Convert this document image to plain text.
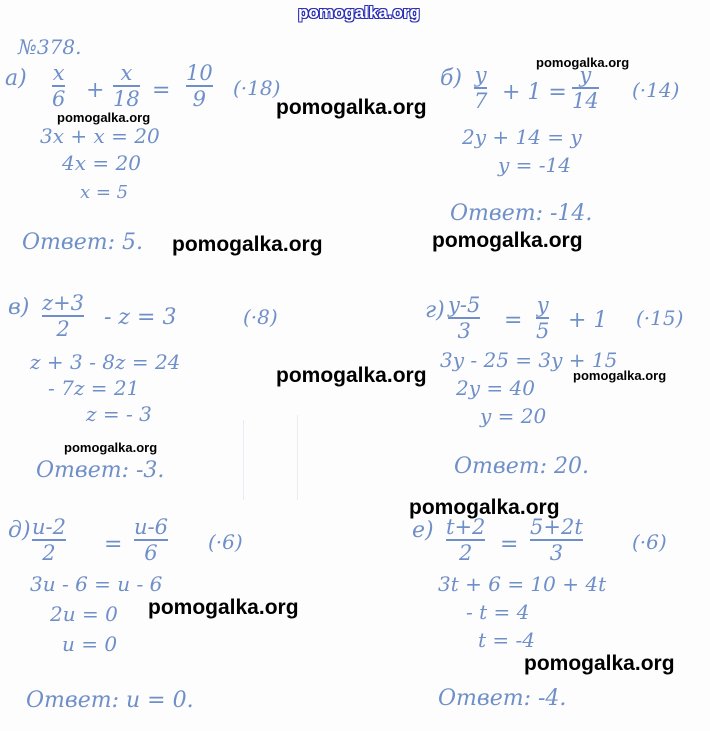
pomogalka.org
№378.
а) x
6 +
x
18 =
10
9 (·18)
3x + x = 20
4x = 20
x = 5
Ответ: 5.
б) y
7 + 1 =
y
14 (·14)
2y + 14 = y
y = -14
Ответ: -14.
в) z+3
2 - z = 3	(·8)
z + 3 - 8z = 24
- 7z = 21
z = - 3
Ответ: -3.
г) y-5
3 =
y
5 + 1 (·15)
3y - 25 = 3y + 15
2y = 40
y = 20
Ответ: 20.
д) u-2
2 =
u-6
6	(·6)
3u - 6 = u - 6
2u = 0
u = 0
Ответ: u = 0.
е) t+2
2 =
5+2t
3	(·6)
3t + 6 = 10 + 4t
- t = 4
t = -4
Ответ: -4.
pomogalka.org
pomogalka.org
pomogalka.org
pomogalka.org	pomogalka.org
pomogalka.org	pomogalka.org
pomogalka.org
pomogalka.org
pomogalka.org
pomogalka.org
